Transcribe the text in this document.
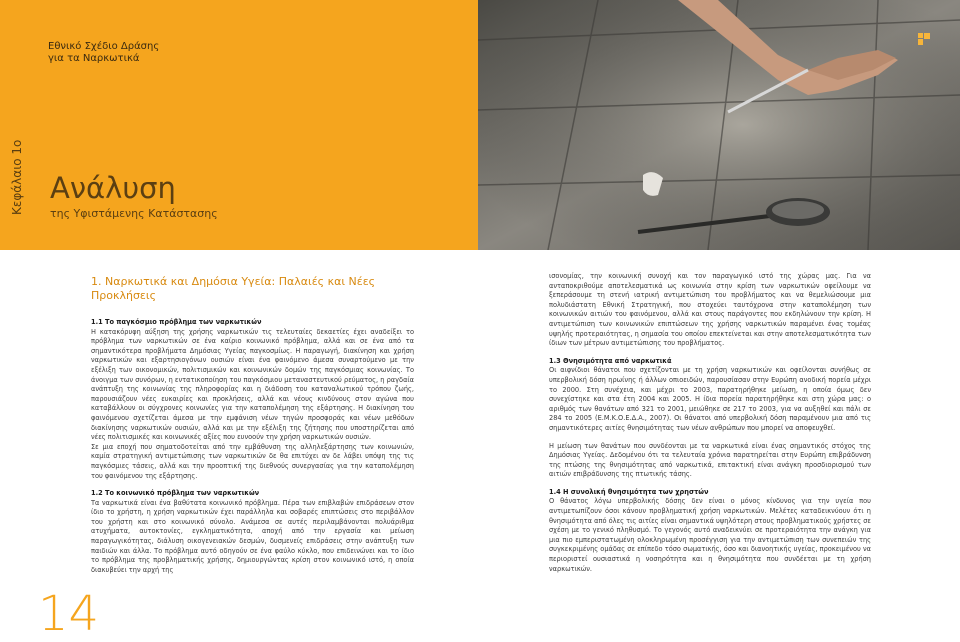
Εθνικό Σχέδιο Δράσης
για τα Ναρκωτικά
Κεφάλαιο 1ο Ανάλυση
της Υφιστάμενης Κατάστασης
1. Ναρκωτικά και Δημόσια Υγεία: Παλαιές και Νέες Προκλήσεις

1.1 Το παγκόσμιο πρόβλημα των ναρκωτικών

Η κατακόρυφη αύξηση της χρήσης ναρκωτικών τις τελευταίες δεκαετίες έχει αναδείξει το πρόβλημα των ναρκωτικών σε ένα καίριο κοινωνικό πρόβλημα, αλλά και σε ένα από τα σημαντικότερα προβλήματα Δημόσιας Υγείας παγκοσμίως. Η παραγωγή, διακίνηση και χρήση ναρκωτικών και εξαρτησιογόνων ουσιών είναι ένα φαινόμενο άμεσα συναρτούμενο με την εξέλιξη των οικονομικών, πολιτισμικών και κοινωνικών δομών της παγκόσμιας κοινωνίας. Το άνοιγμα των συνόρων, η εντατικοποίηση του παγκόσμιου μεταναστευτικού ρεύματος, η ραγδαία ανάπτυξη της κοινωνίας της πληροφορίας και η διάδοση του καταναλωτικού τρόπου ζωής, παρουσιάζουν νέες ευκαιρίες και προκλήσεις, αλλά και νέους κινδύνους στον αγώνα που καταβάλλουν οι σύγχρονες κοινωνίες για την καταπολέμηση της εξάρτησης. Η διακίνηση του φαινόμενου σχετίζεται άμεσα με την εμφάνιση νέων τηγών προσφοράς και νέων μεθόδων διακίνησης ναρκωτικών ουσιών, αλλά και με την εξέλιξη της ζήτησης που υποστηρίζεται από νέες πολιτισμικές και κοινωνικές αξίες που ευνοούν την χρήση ναρκωτικών ουσιών.

Σε μια εποχή που σηματοδοτείται από την εμβάθυνση της αλληλεξάρτησης των κοινωνιών, καμία στρατηγική αντιμετώπισης των ναρκωτικών δε θα επιτύχει αν δε λάβει υπόψη της τις παγκόσμιες τάσεις, αλλά και την προοπτική της διεθνούς συνεργασίας για την καταπολέμηση του φαινόμενου της εξάρτησης.

1.2 Το κοινωνικό πρόβλημα των ναρκωτικών

Τα ναρκωτικά είναι ένα βαθύτατα κοινωνικό πρόβλημα. Πέρα των επιβλαβών επιδράσεων στον ίδιο το χρήστη, η χρήση ναρκωτικών έχει παράλληλα και σοβαρές επιπτώσεις στο περιβάλλον του χρήστη και στο κοινωνικό σύνολο. Ανάμεσα σε αυτές περιλαμβάνονται πολυάριθμα ατυχήματα, αυτοκτονίες, εγκληματικότητα, αποχή από την εργασία και μείωση παραγωγικότητας, διάλυση οικογενειακών δεσμών, δυσμενείς επιδράσεις στην ανάπτυξη των παιδιών και άλλα. Το πρόβλημα αυτό οδηγούν σε ένα φαύλο κύκλο, που επιδεινώνει και το ίδιο το πρόβλημα της προβληματικής χρήσης, δημιουργώντας κρίση στον κοινωνικό ιστό, η οποία διακυβεύει την αρχή της

ισονομίας, την κοινωνική συνοχή και τον παραγωγικό ιστό της χώρας μας. Για να ανταποκριθούμε αποτελεσματικά ως κοινωνία στην κρίση των ναρκωτικών οφείλουμε να ξεπεράσουμε τη στενή ιατρική αντιμετώπιση του προβλήματος και να θεμελιώσουμε μια πολυδιάστατη Εθνική Στρατηγική, που στοχεύει ταυτόχρονα στην καταπολέμηση των κοινωνικών αιτιών του φαινόμενου, αλλά και στους παράγοντες που εκδηλώνουν την κρίση. Η αντιμετώπιση των κοινωνικών επιπτώσεων της χρήσης ναρκωτικών παραμένει ένας τομέας υψηλής προτεραιότητας, η σημασία του οποίου επεκτείνεται και στην αποτελεσματικότητα των ίδιων των μέτρων αντιμετώπισης του προβλήματος.

1.3 Θνησιμότητα από ναρκωτικά

Οι αιφνίδιοι θάνατοι που σχετίζονται με τη χρήση ναρκωτικών και οφείλονται συνήθως σε υπερβολική δόση ηρωίνης ή άλλων οπιοειδών, παρουσίασαν στην Ευρώπη ανοδική πορεία μέχρι το 2000. Στη συνέχεια, και μέχρι το 2003, παρατηρήθηκε μείωση, η οποία όμως δεν συνεχίστηκε και στα έτη 2004 και 2005. Η ίδια πορεία παρατηρήθηκε και στη χώρα μας: ο αριθμός των θανάτων από 321 το 2001, μειώθηκε σε 217 το 2003, για να αυξηθεί και πάλι σε 284 το 2005 (Ε.Μ.Κ.Ο.Ε.Δ.Α., 2007). Οι θάνατοι από υπερβολική δόση παραμένουν μια από τις σημαντικότερες αιτίες θνησιμότητας των νέων ανθρώπων που μπορεί να αποφευχθεί.

Η μείωση των θανάτων που συνδέονται με τα ναρκωτικά είναι ένας σημαντικός στόχος της Δημόσιας Υγείας. Δεδομένου ότι τα τελευταία χρόνια παρατηρείται στην Ευρώπη επιβράδυνση της πτώσης της θνησιμότητας από ναρκωτικά, επιτακτική είναι ανάγκη προσδιορισμού των αιτιών επιβράδυνσης της πτωτικής τάσης.

1.4 Η συνολική θνησιμότητα των χρηστών

Ο θάνατος λόγω υπερβολικής δόσης δεν είναι ο μόνος κίνδυνος για την υγεία που αντιμετωπίζουν όσοι κάνουν προβληματική χρήση ναρκωτικών. Μελέτες καταδεικνύουν ότι η θνησιμότητα από όλες τις αιτίες είναι σημαντικά υψηλότερη στους προβληματικούς χρήστες σε σχέση με το γενικό πληθυσμό. Το γεγονός αυτό αναδεικνύει σε προτεραιότητα την ανάγκη για μια πιο εμπεριστατωμένη ολοκληρωμένη προσέγγιση για την αντιμετώπιση των συνεπειών της συγκεκριμένης ομάδας σε επίπεδο τόσο σωματικής, όσο και διανοητικής υγείας, προκειμένου να περιοριστεί ουσιαστικά η νοσηρότητα και η θνησιμότητα που συνδέεται με τη χρήση ναρκωτικών.

14
